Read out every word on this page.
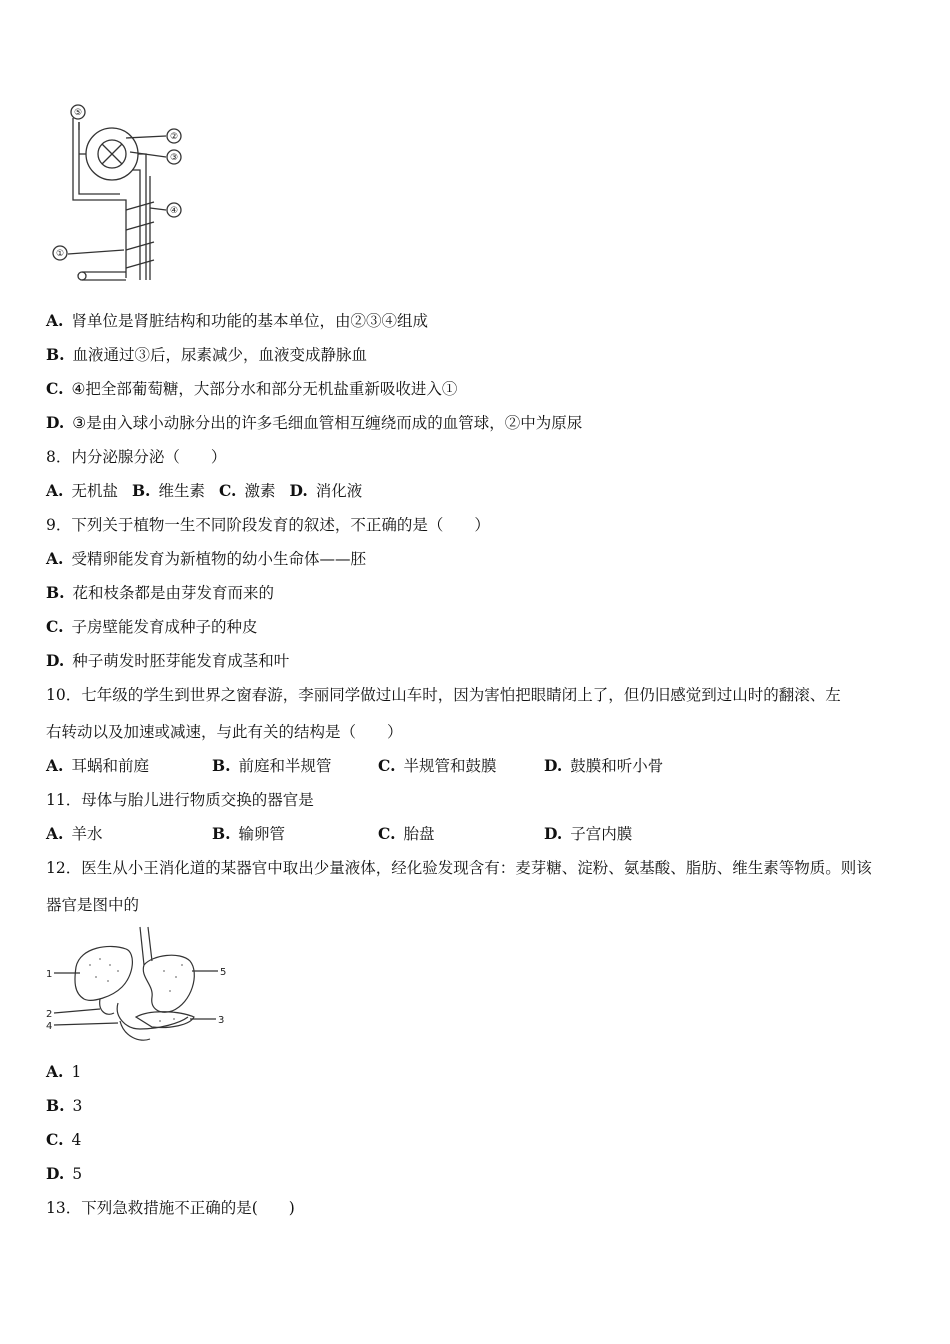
⑤
②
③
④
①
A. 肾单位是肾脏结构和功能的基本单位，由②③④组成
B. 血液通过③后，尿素减少，血液变成静脉血
C. ④把全部葡萄糖，大部分水和部分无机盐重新吸收进入①
D. ③是由入球小动脉分出的许多毛细血管相互缠绕而成的血管球，②中为原尿
8．内分泌腺分泌（　　）
A. 无机盐 B. 维生素 C. 激素 D. 消化液
9．下列关于植物一生不同阶段发育的叙述，不正确的是（　　）
A. 受精卵能发育为新植物的幼小生命体——胚
B. 花和枝条都是由芽发育而来的
C. 子房壁能发育成种子的种皮
D. 种子萌发时胚芽能发育成茎和叶
10．七年级的学生到世界之窗春游，李丽同学做过山车时，因为害怕把眼睛闭上了，但仍旧感觉到过山时的翻滚、左
右转动以及加速或减速，与此有关的结构是（　　）
A. 耳蜗和前庭	B. 前庭和半规管	C. 半规管和鼓膜	D. 鼓膜和听小骨
11．母体与胎儿进行物质交换的器官是
A. 羊水	B. 输卵管	C. 胎盘	D. 子宫内膜
12．医生从小王消化道的某器官中取出少量液体，经化验发现含有：麦芽糖、淀粉、氨基酸、脂肪、维生素等物质。则该
器官是图中的
1
2
4
5
3
A. 1
B. 3
C. 4
D. 5
13．下列急救措施不正确的是(　　)
